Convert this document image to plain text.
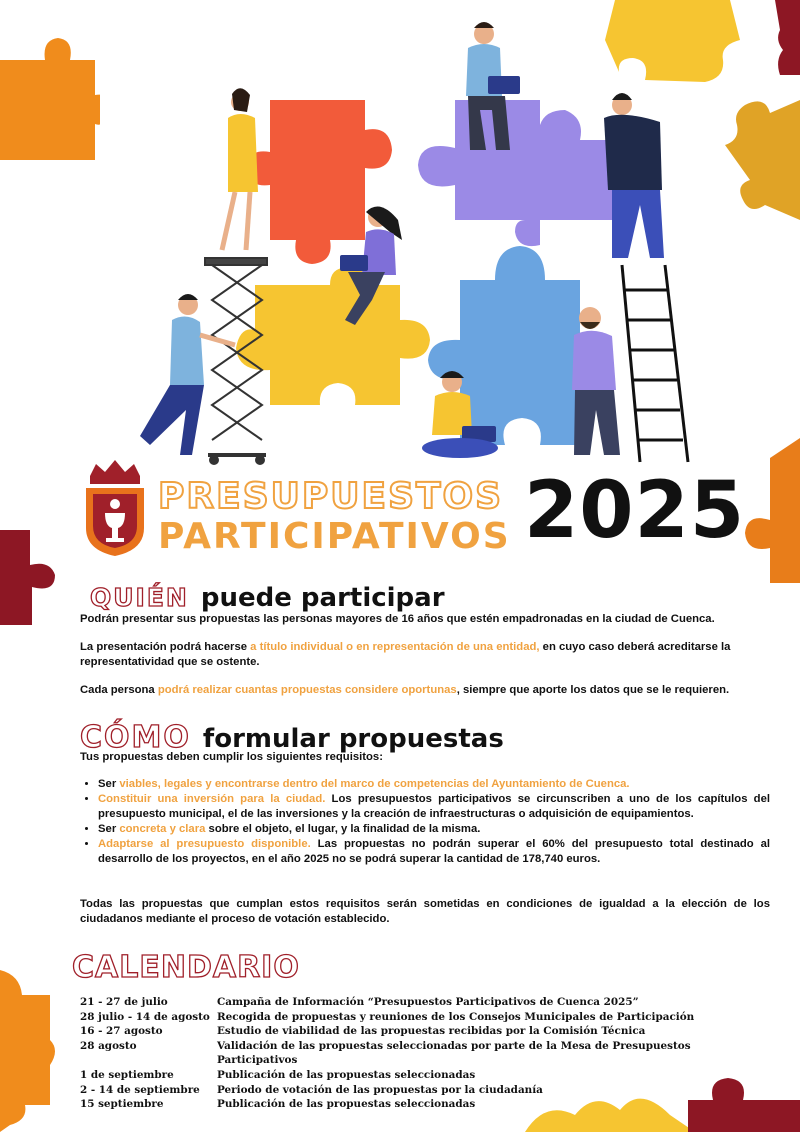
PRESUPUESTOS
PARTICIPATIVOS 2025
QUIÉN puede participar

Podrán presentar sus propuestas las personas mayores de 16 años que estén empadronadas en la ciudad de Cuenca.

La presentación podrá hacerse a título individual o en representación de una entidad, en cuyo caso deberá acreditarse la representatividad que se ostente.

Cada persona podrá realizar cuantas propuestas considere oportunas, siempre que aporte los datos que se le requieren.

CÓMO formular propuestas

Tus propuestas deben cumplir los siguientes requisitos:

• Ser viables, legales y encontrarse dentro del marco de competencias del Ayuntamiento de Cuenca.
• Constituir una inversión para la ciudad. Los presupuestos participativos se circunscriben a uno de los capítulos del presupuesto municipal, el de las inversiones y la creación de infraestructuras o adquisición de equipamientos.
• Ser concreta y clara sobre el objeto, el lugar, y la finalidad de la misma.
• Adaptarse al presupuesto disponible. Las propuestas no podrán superar el 60% del presupuesto total destinado al desarrollo de los proyectos, en el año 2025 no se podrá superar la cantidad de 178,740 euros.

Todas las propuestas que cumplan estos requisitos serán sometidas en condiciones de igualdad a la elección de los ciudadanos mediante el proceso de votación establecido.

CALENDARIO
21 - 27 de julio	Campaña de Información “Presupuestos Participativos de Cuenca 2025”
28 julio - 14 de agosto Recogida de propuestas y reuniones de los Consejos Municipales de Participación
16 - 27 agosto	Estudio de viabilidad de las propuestas recibidas por la Comisión Técnica
28 agosto	Validación de las propuestas seleccionadas por parte de la Mesa de Presupuestos Participativos
1 de septiembre	Publicación de las propuestas seleccionadas
2 - 14 de septiembre	Periodo de votación de las propuestas por la ciudadanía
15 septiembre	Publicación de las propuestas seleccionadas
